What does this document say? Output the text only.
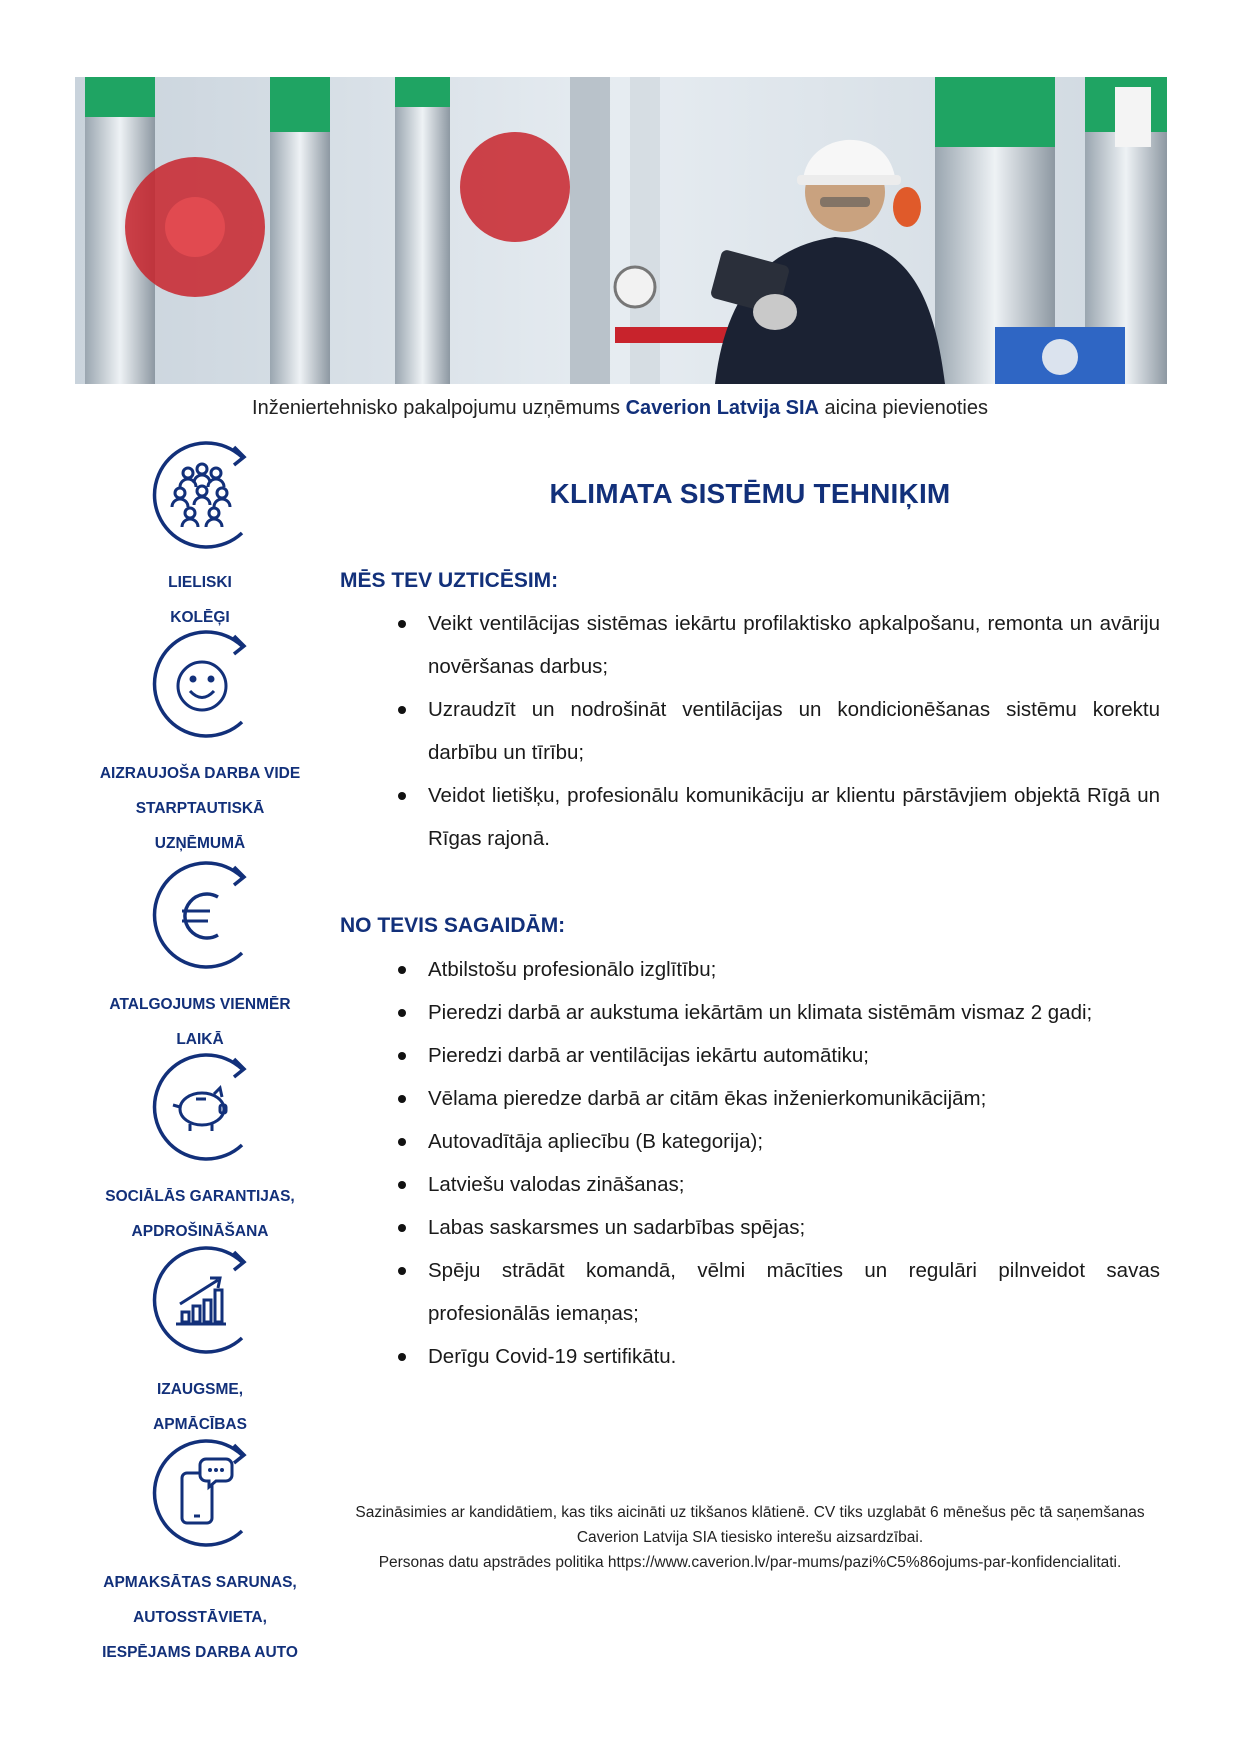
Inženiertehnisko pakalpojumu uzņēmums Caverion Latvija SIA aicina pievienoties
LIELISKI
KOLĒĢI
AIZRAUJOŠA DARBA VIDE
STARPTAUTISKĀ
UZŅĒMUMĀ
ATALGOJUMS VIENMĒR
LAIKĀ
SOCIĀLĀS GARANTIJAS,
APDROŠINĀŠANA
IZAUGSME,
APMĀCĪBAS
APMAKSĀTAS SARUNAS,
AUTOSSTĀVIETA,
IESPĒJAMS DARBA AUTO
KLIMATA SISTĒMU TEHNIĶIM
MĒS TEV UZTICĒSIM:
Veikt ventilācijas sistēmas iekārtu profilaktisko apkalpošanu, remonta un avāriju novēršanas darbus;
Uzraudzīt un nodrošināt ventilācijas un kondicionēšanas sistēmu korektu darbību un tīrību;
Veidot lietišķu, profesionālu komunikāciju ar klientu pārstāvjiem objektā Rīgā un Rīgas rajonā.
NO TEVIS SAGAIDĀM:
Atbilstošu profesionālo izglītību;
Pieredzi darbā ar aukstuma iekārtām un klimata sistēmām vismaz 2 gadi;
Pieredzi darbā ar ventilācijas iekārtu automātiku;
Vēlama pieredze darbā ar citām ēkas inženierkomunikācijām;
Autovadītāja apliecību (B kategorija);
Latviešu valodas zināšanas;
Labas saskarsmes un sadarbības spējas;
Spēju strādāt komandā, vēlmi mācīties un regulāri pilnveidot savas profesionālās iemaņas;
Derīgu Covid-19 sertifikātu.
Sazināsimies ar kandidātiem, kas tiks aicināti uz tikšanos klātienē. CV tiks uzglabāt 6 mēnešus pēc tā saņemšanas Caverion Latvija SIA tiesisko interešu aizsardzībai.
Personas datu apstrādes politika https://www.caverion.lv/par-mums/pazi%C5%86ojums-par-konfidencialitati.
